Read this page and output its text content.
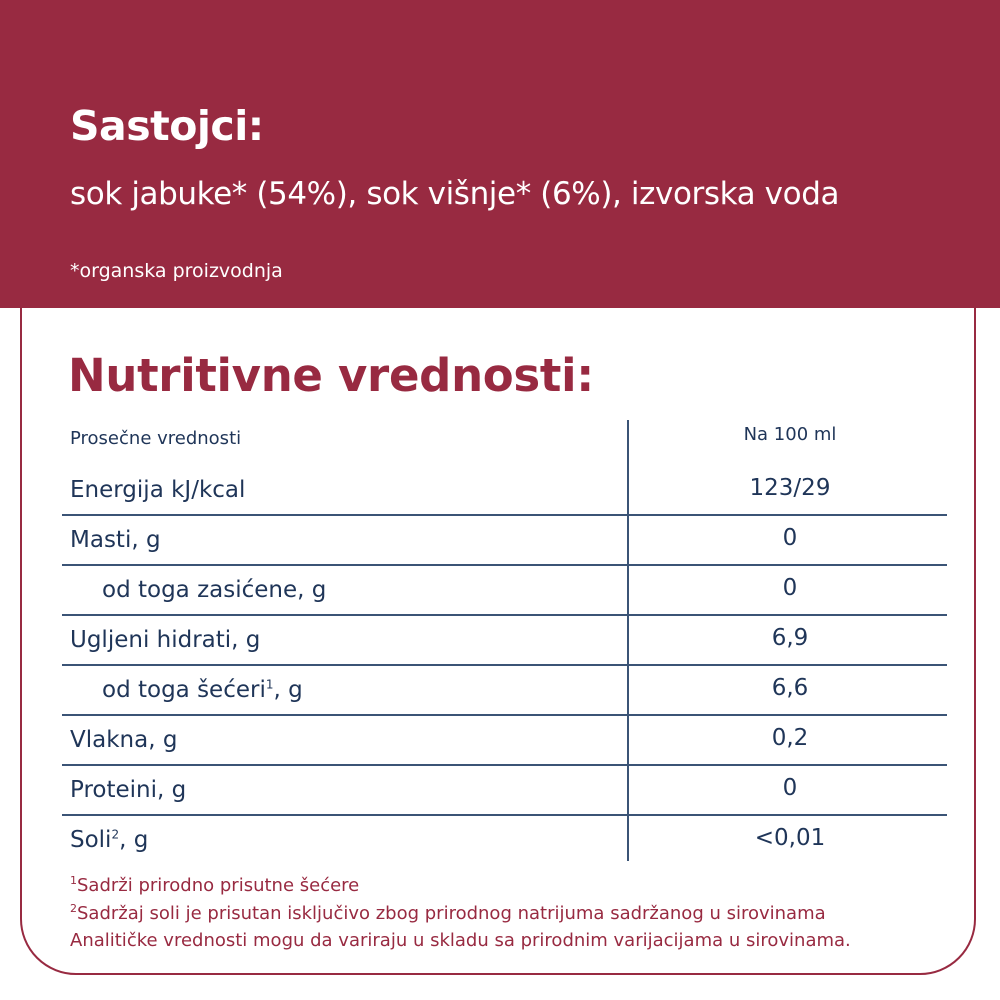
Sastojci:
sok jabuke* (54%), sok višnje* (6%), izvorska voda
*organska proizvodnja
Nutritivne vrednosti:
Prosečne vrednosti	Na 100 ml
Energija kJ/kcal	123/29
Masti, g	0
od toga zasićene, g	0
Ugljeni hidrati, g	6,9
od toga šećeri$^1$, g	6,6
Vlakna, g	0,2
Proteini, g	0
Soli$^2$, g	<0,01
$^1$Sadrži prirodno prisutne šećere
$^2$Sadržaj soli je prisutan isključivo zbog prirodnog natrijuma sadržanog u sirovinama
Analitičke vrednosti mogu da variraju u skladu sa prirodnim varijacijama u sirovinama.
